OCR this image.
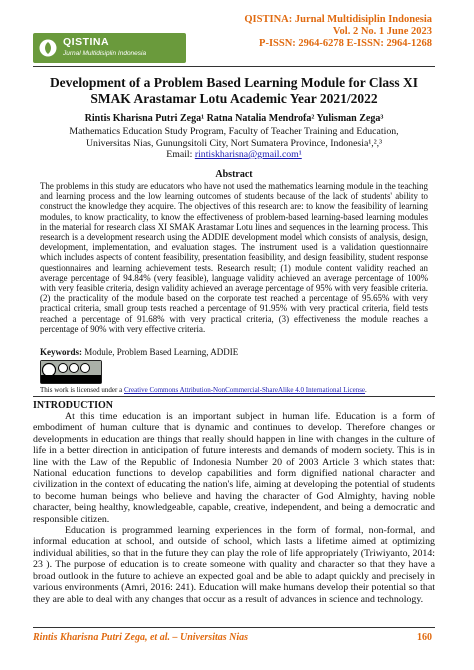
QISTINA
Jurnal Multidisiplin Indonesia
QISTINA: Jurnal Multidisiplin Indonesia
Vol. 2 No. 1 June 2023
P-ISSN: 2964-6278 E-ISSN: 2964-1268
Development of a Problem Based Learning Module for Class XI SMAK Arastamar Lotu Academic Year 2021/2022
Rintis Kharisna Putri Zega¹ Ratna Natalia Mendrofa² Yulisman Zega³
Mathematics Education Study Program, Faculty of Teacher Training and Education,
Universitas Nias, Gunungsitoli City, Nort Sumatera Province, Indonesia¹,²,³
Email: rintiskharisna@gmail.com¹
Abstract
The problems in this study are educators who have not used the mathematics learning module in the teaching and learning process and the low learning outcomes of students because of the lack of students' ability to construct the knowledge they acquire. The objectives of this research are: to know the feasibility of learning modules, to know practicality, to know the effectiveness of problem-based learning-based learning modules in the material for research class XI SMAK Arastamar Lotu lines and sequences in the learning process. This research is a development research using the ADDIE development model which consists of analysis, design, development, implementation, and evaluation stages. The instrument used is a validation questionnaire which includes aspects of content feasibility, presentation feasibility, and design feasibility, student response questionnaires and learning achievement tests. Research result; (1) module content validity reached an average percentage of 94.84% (very feasible), language validity achieved an average percentage of 100% with very feasible criteria, design validity achieved an average percentage of 95% with very feasible criteria. (2) the practicality of the module based on the corporate test reached a percentage of 95.65% with very practical criteria, small group tests reached a percentage of 91.95% with very practical criteria, field tests reached a percentage of 91.68% with very practical criteria, (3) effectiveness the module reaches a percentage of 90% with very effective criteria.
Keywords: Module, Problem Based Learning, ADDIE
This work is licensed under a Creative Commons Attribution-NonCommercial-ShareAlike 4.0 International License.
INTRODUCTION

At this time education is an important subject in human life. Education is a form of embodiment of human culture that is dynamic and continues to develop. Therefore changes or developments in education are things that really should happen in line with changes in the culture of life in a better direction in anticipation of future interests and demands of modern society. This is in line with the Law of the Republic of Indonesia Number 20 of 2003 Article 3 which states that: National education functions to develop capabilities and form dignified national character and civilization in the context of educating the nation's life, aiming at developing the potential of students to become human beings who believe and having the character of God Almighty, having noble character, being healthy, knowledgeable, capable, creative, independent, and being a democratic and responsible citizen.

Education is programmed learning experiences in the form of formal, non-formal, and informal education at school, and outside of school, which lasts a lifetime aimed at optimizing individual abilities, so that in the future they can play the role of life appropriately (Triwiyanto, 2014: 23 ). The purpose of education is to create someone with quality and character so that they have a broad outlook in the future to achieve an expected goal and be able to adapt quickly and precisely in various environments (Amri, 2016: 241). Education will make humans develop their potential so that they are able to deal with any changes that occur as a result of advances in science and technology.

Rintis Kharisna Putri Zega, et al. – Universitas Nias	160
